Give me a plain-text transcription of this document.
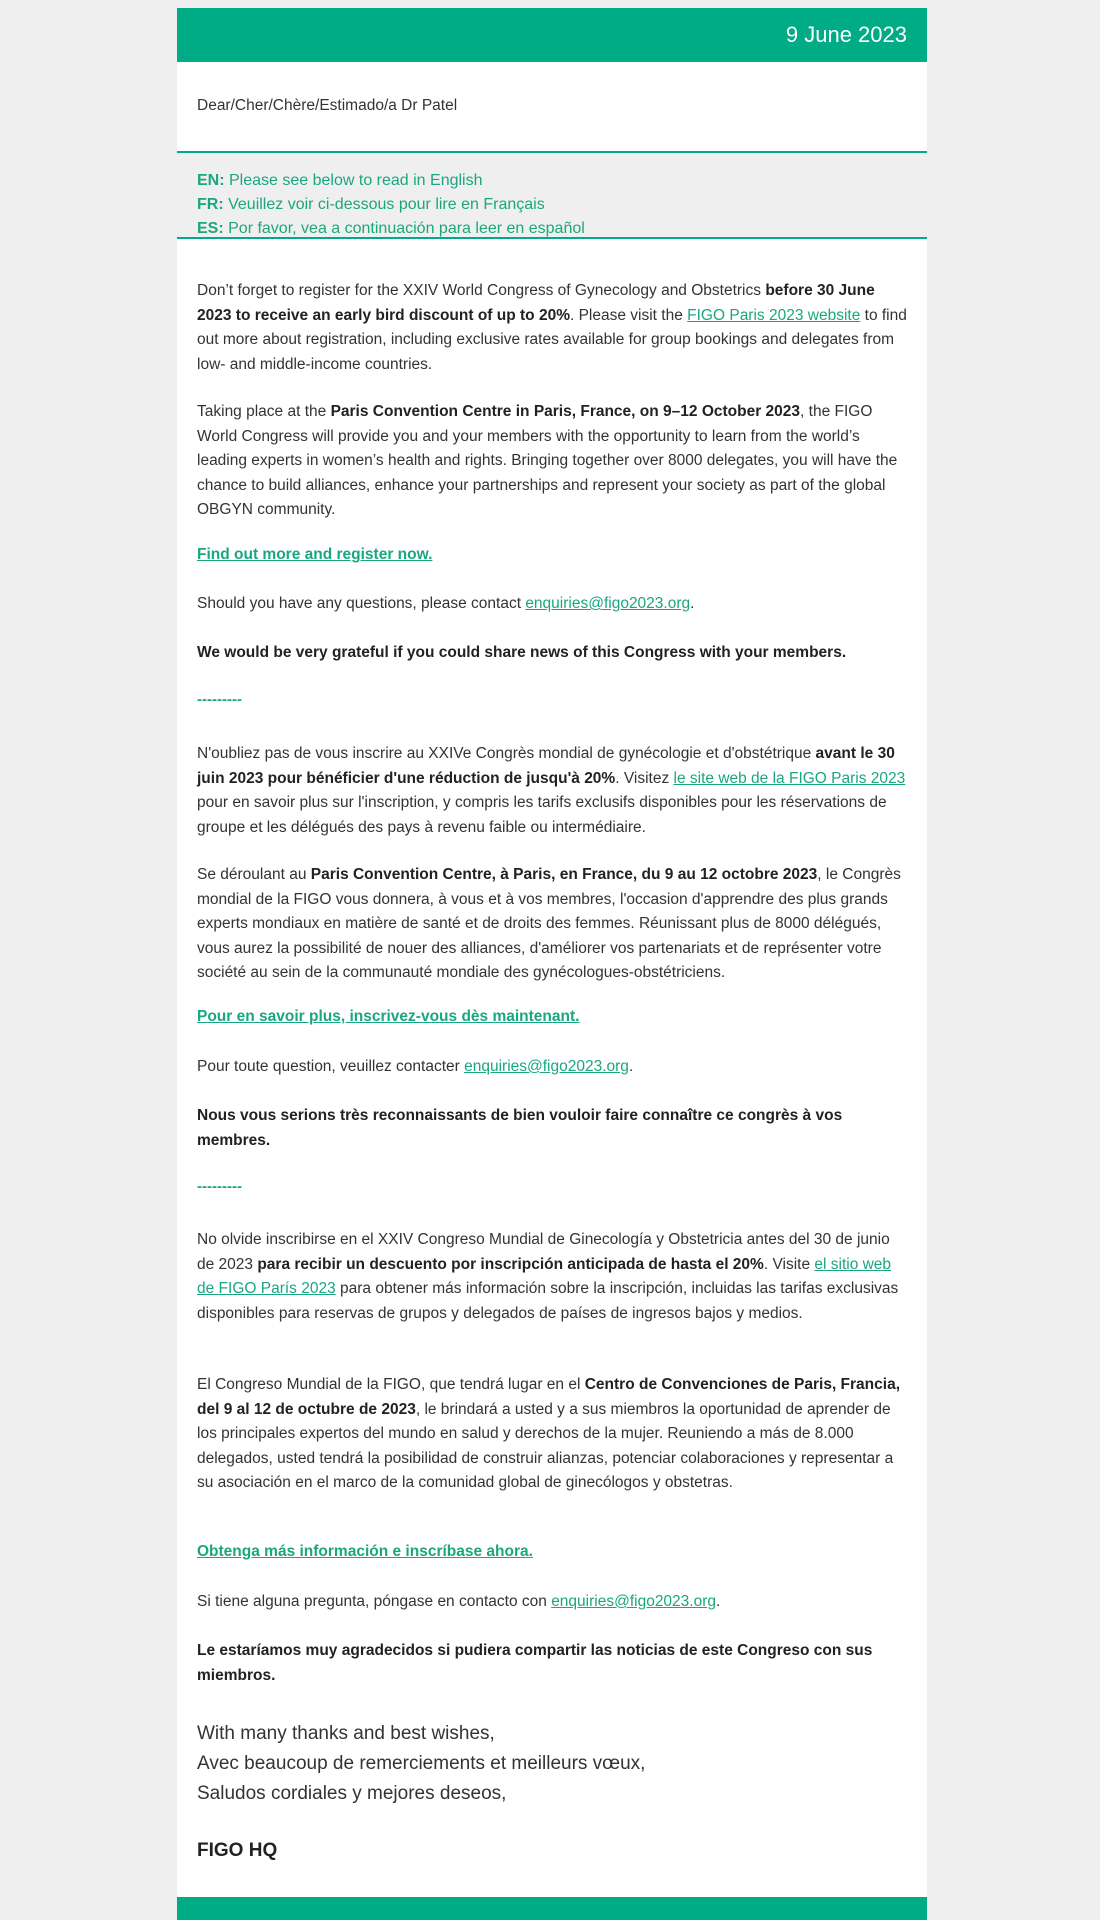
9 June 2023
Dear/Cher/Chère/Estimado/a Dr Patel
EN: Please see below to read in English
FR: Veuillez voir ci-dessous pour lire en Français
ES: Por favor, vea a continuación para leer en español
Don’t forget to register for the XXIV World Congress of Gynecology and Obstetrics before 30 June 2023 to receive an early bird discount of up to 20%. Please visit the FIGO Paris 2023 website to find out more about registration, including exclusive rates available for group bookings and delegates from low- and middle-income countries.
Taking place at the Paris Convention Centre in Paris, France, on 9–12 October 2023, the FIGO World Congress will provide you and your members with the opportunity to learn from the world’s leading experts in women’s health and rights. Bringing together over 8000 delegates, you will have the chance to build alliances, enhance your partnerships and represent your society as part of the global OBGYN community.
Find out more and register now.
Should you have any questions, please contact enquiries@figo2023.org.
We would be very grateful if you could share news of this Congress with your members.
---------
N'oubliez pas de vous inscrire au XXIVe Congrès mondial de gynécologie et d'obstétrique avant le 30 juin 2023 pour bénéficier d'une réduction de jusqu'à 20%. Visitez le site web de la FIGO Paris 2023 pour en savoir plus sur l'inscription, y compris les tarifs exclusifs disponibles pour les réservations de groupe et les délégués des pays à revenu faible ou intermédiaire.
Se déroulant au Paris Convention Centre, à Paris, en France, du 9 au 12 octobre 2023, le Congrès mondial de la FIGO vous donnera, à vous et à vos membres, l'occasion d'apprendre des plus grands experts mondiaux en matière de santé et de droits des femmes. Réunissant plus de 8000 délégués, vous aurez la possibilité de nouer des alliances, d'améliorer vos partenariats et de représenter votre société au sein de la communauté mondiale des gynécologues-obstétriciens.
Pour en savoir plus, inscrivez-vous dès maintenant.
Pour toute question, veuillez contacter enquiries@figo2023.org.
Nous vous serions très reconnaissants de bien vouloir faire connaître ce congrès à vos membres.
---------
No olvide inscribirse en el XXIV Congreso Mundial de Ginecología y Obstetricia antes del 30 de junio de 2023 para recibir un descuento por inscripción anticipada de hasta el 20%. Visite el sitio web de FIGO París 2023 para obtener más información sobre la inscripción, incluidas las tarifas exclusivas disponibles para reservas de grupos y delegados de países de ingresos bajos y medios.
El Congreso Mundial de la FIGO, que tendrá lugar en el Centro de Convenciones de Paris, Francia, del 9 al 12 de octubre de 2023, le brindará a usted y a sus miembros la oportunidad de aprender de los principales expertos del mundo en salud y derechos de la mujer. Reuniendo a más de 8.000 delegados, usted tendrá la posibilidad de construir alianzas, potenciar colaboraciones y representar a su asociación en el marco de la comunidad global de ginecólogos y obstetras.
Obtenga más información e inscríbase ahora.
Si tiene alguna pregunta, póngase en contacto con enquiries@figo2023.org.
Le estaríamos muy agradecidos si pudiera compartir las noticias de este Congreso con sus miembros.
With many thanks and best wishes,
Avec beaucoup de remerciements et meilleurs vœux,
Saludos cordiales y mejores deseos,
FIGO HQ
